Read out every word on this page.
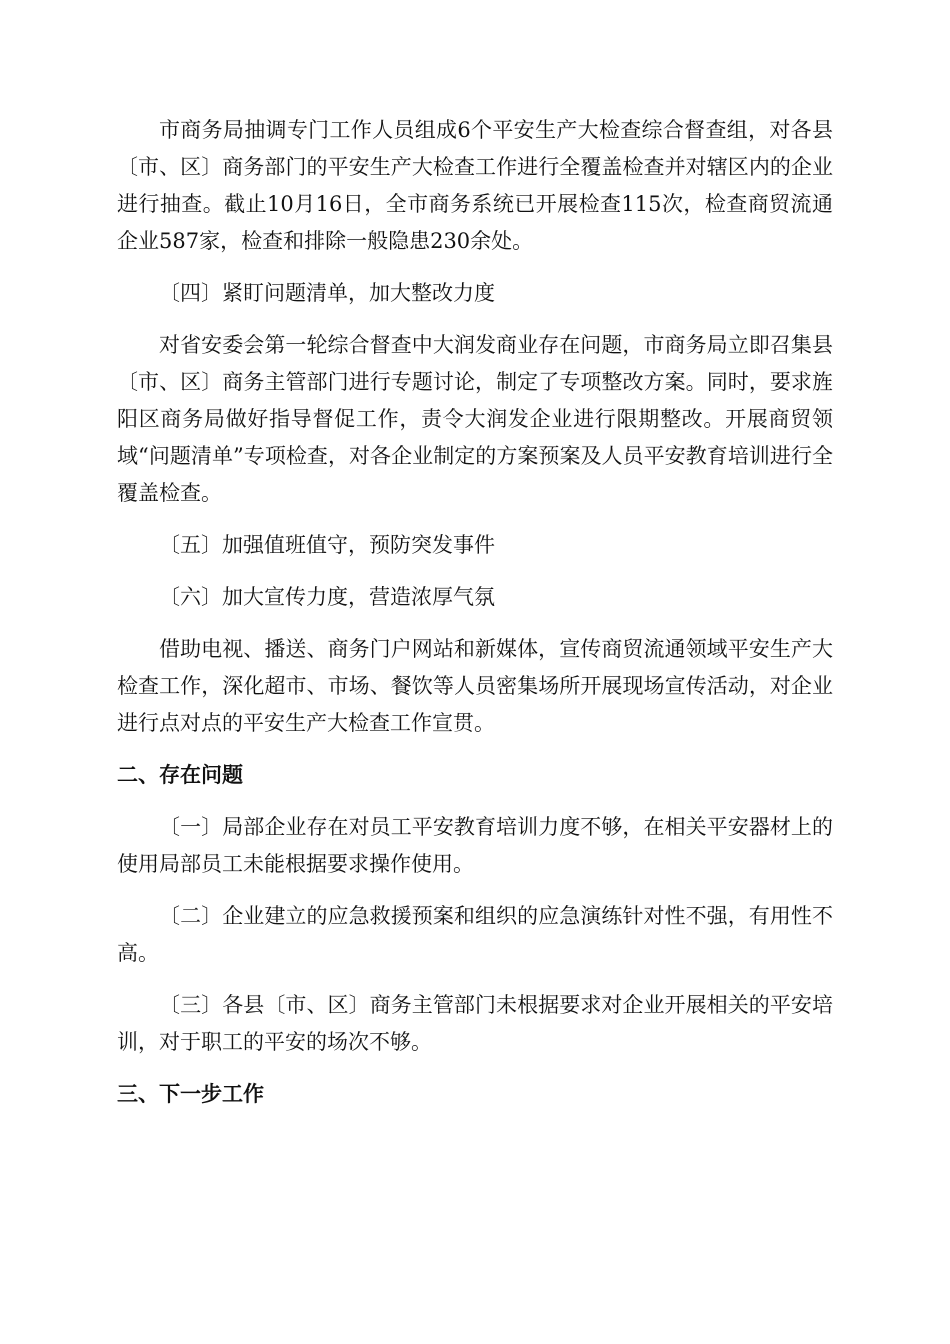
市商务局抽调专门工作人员组成6个平安生产大检查综合督查组，对各县〔市、区〕商务部门的平安生产大检查工作进行全覆盖检查并对辖区内的企业进行抽查。截止10月16日，全市商务系统已开展检查115次，检查商贸流通企业587家，检查和排除一般隐患230余处。

〔四〕紧盯问题清单，加大整改力度

对省安委会第一轮综合督查中大润发商业存在问题，市商务局立即召集县〔市、区〕商务主管部门进行专题讨论，制定了专项整改方案。同时，要求旌阳区商务局做好指导督促工作，责令大润发企业进行限期整改。开展商贸领域“问题清单”专项检查，对各企业制定的方案预案及人员平安教育培训进行全覆盖检查。

〔五〕加强值班值守，预防突发事件

〔六〕加大宣传力度，营造浓厚气氛

借助电视、播送、商务门户网站和新媒体，宣传商贸流通领域平安生产大检查工作，深化超市、市场、餐饮等人员密集场所开展现场宣传活动，对企业进行点对点的平安生产大检查工作宣贯。

二、存在问题

〔一〕局部企业存在对员工平安教育培训力度不够，在相关平安器材上的使用局部员工未能根据要求操作使用。

〔二〕企业建立的应急救援预案和组织的应急演练针对性不强，有用性不高。

〔三〕各县〔市、区〕商务主管部门未根据要求对企业开展相关的平安培训，对于职工的平安的场次不够。

三、下一步工作
